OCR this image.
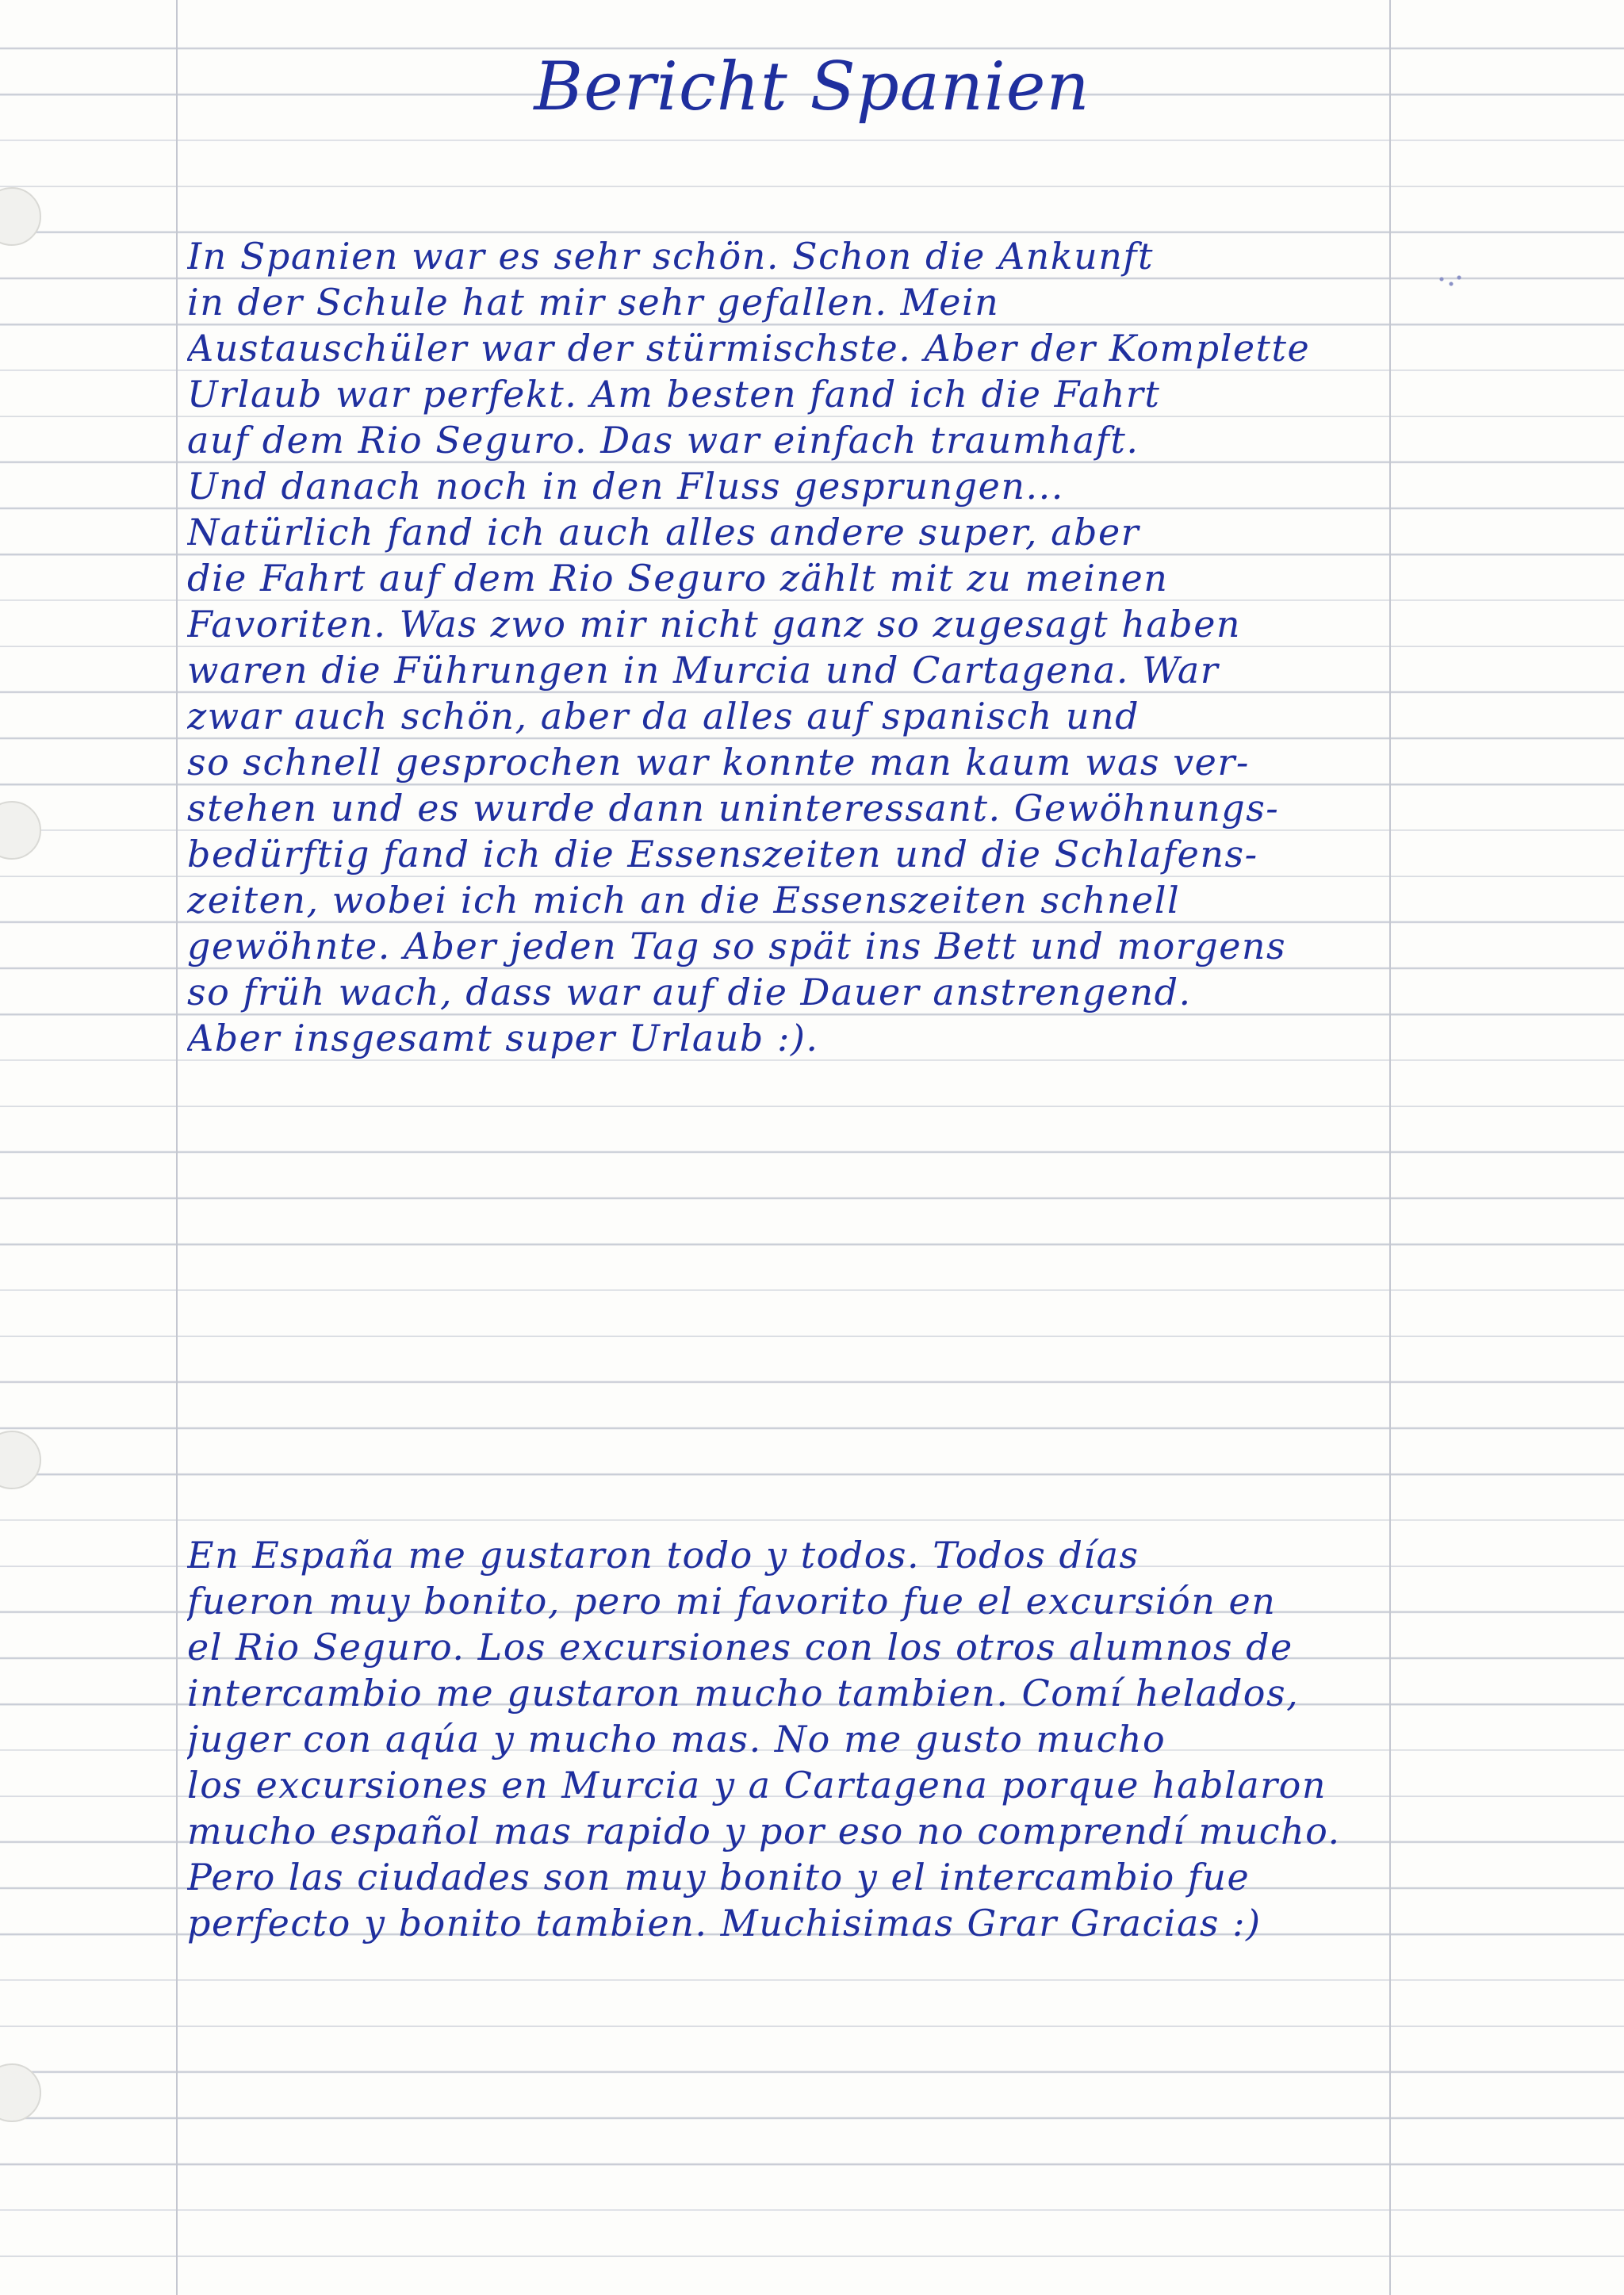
Bericht Spanien
In Spanien war es sehr schön. Schon die Ankunft
in der Schule hat mir sehr gefallen. Mein
Austauschüler war der stürmischste. Aber der Komplette
Urlaub war perfekt. Am besten fand ich die Fahrt
auf dem Rio Seguro. Das war einfach traumhaft.
Und danach noch in den Fluss gesprungen...
Natürlich fand ich auch alles andere super, aber
die Fahrt auf dem Rio Seguro zählt mit zu meinen
Favoriten. Was zwo mir nicht ganz so zugesagt haben
waren die Führungen in Murcia und Cartagena. War
zwar auch schön, aber da alles auf spanisch und
so schnell gesprochen war konnte man kaum was ver-
stehen und es wurde dann uninteressant. Gewöhnungs-
bedürftig fand ich die Essenszeiten und die Schlafens-
zeiten, wobei ich mich an die Essenszeiten schnell
gewöhnte. Aber jeden Tag so spät ins Bett und morgens
so früh wach, dass war auf die Dauer anstrengend.
Aber insgesamt super Urlaub :).
En España me gustaron todo y todos. Todos días
fueron muy bonito, pero mi favorito fue el excursión en
el Rio Seguro. Los excursiones con los otros alumnos de
intercambio me gustaron mucho tambien. Comí helados,
juger con aqúa y mucho mas. No me gusto mucho
los excursiones en Murcia y a Cartagena porque hablaron
mucho español mas rapido y por eso no comprendí mucho.
Pero las ciudades son muy bonito y el intercambio fue
perfecto y bonito tambien. Muchisimas Grar Gracias :)
